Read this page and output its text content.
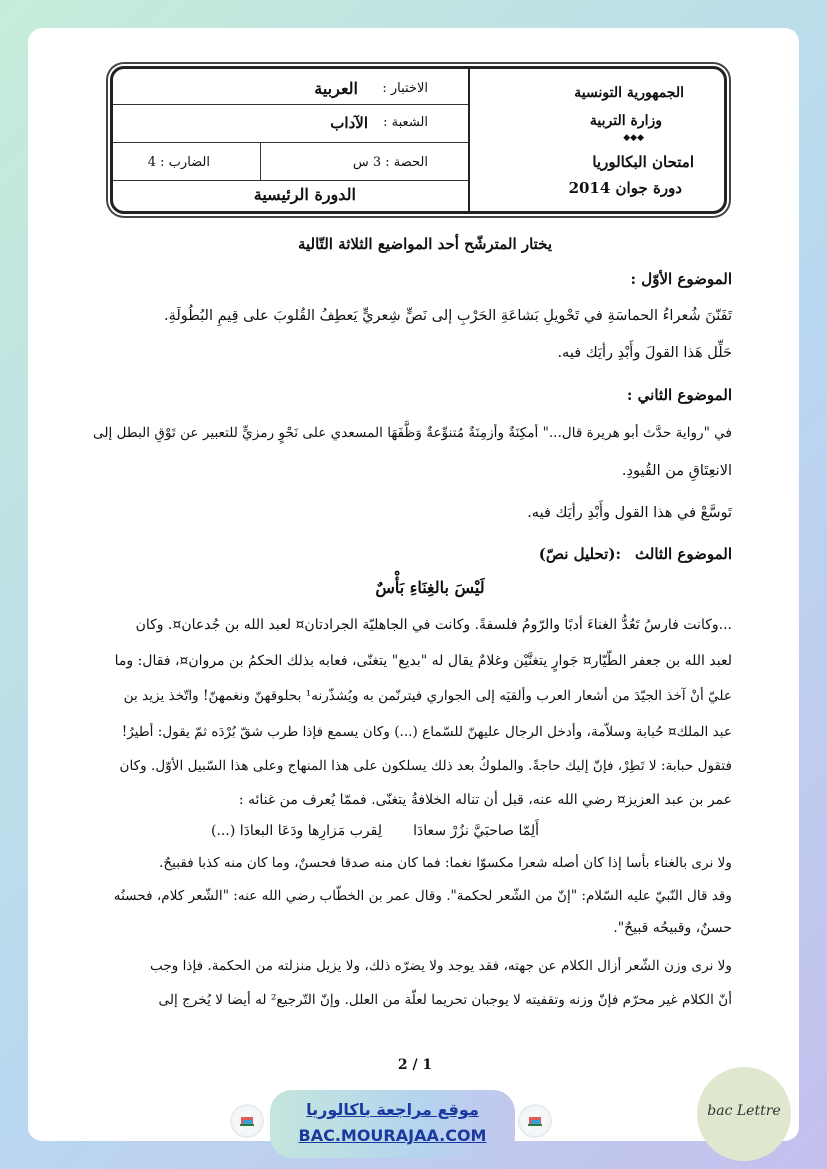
الجمهورية التونسية
وزارة التربية
◆◆◆
امتحان البكالوريا
دورة جوان 2014
الاختبار :
العربية
الشعبة :
الآداب
الحصة : 3 س
الضارب : 4
الدورة الرئيسية
يختار المترشّح أحد المواضيع الثلاثة التّالية
الموضوع الأوّل :
تَفَنّنَ شُعراءُ الحماسَةِ في تَحْويلِ بَشاعَةِ الحَرْبِ إلى نَصٍّ شِعريٍّ يَعطِفُ القُلوبَ على قِيمِ البُطُولَةِ.
حَلِّل هَذا القولَ وأَبْدِ رأيَك فيه.
الموضوع الثاني :
في "رواية حدَّث أبو هريرة قال..." أمكِنَةٌ وأزمِنَةٌ مُتنوِّعةٌ وَظَّفَهَا المسعدي على نَحْوٍ رمزيٍّ للتعبير عن تَوْقِ البطل إلى
الانعِتَاقِ من القُيودِ.
تَوسَّعْ في هذا القول وأَبْدِ رأيَك فيه.
الموضوع الثالث
:(تحليل نصّ)
لَيْسَ بالغِنَاءِ بَأْسٌ
...وكانت فارسُ تَعُدُّ الغناءَ أدبًا والرّومُ فلسفةً. وكانت في الجاهليّة الجرادتان¤ لعبد الله بن جُدعان¤. وكان
لعبد الله بن جعفر الطّيّار¤ جَوارٍ يتغنَّيْن وغلامٌ يقال له "بديع" يتغنّى، فعابه بذلك الحكمُ بن مروان¤، فقال: وما
عليّ أنْ آخذ الجيّدَ من أشعار العرب وألقيَه إلى الجواري فيترنّمن به ويُشذّرنه¹ بحلوقهنّ ونغمهنّ! واتّخذ يزيد بن
عبد الملك¤ حُبابة وسلاّمة، وأدخل الرجال عليهنّ للسّماع (...) وكان يسمع فإذا طرب شقّ بُرْدَه ثمّ يقول: أطيرُ!
فتقول حبابة: لا تَطِرْ، فإنّ إليك حاجةً. والملوكُ بعد ذلك يسلكون على هذا المنهاج وعلى هذا السّبيل الأوّل. وكان
عمر بن عبد العزيز¤ رضي الله عنه، قبل أن تناله الخلافةُ يتغنّى. فممّا يُعرف من غنائه :
أَلِمّا صاحبَيَّ نزُرْ سعادَا
لِقرب مَزارِها ودَعَا البعادَا (...)
ولا نرى بالغناء بأسا إذا كان أصله شعرا مكسوّا نغما: فما كان منه صدقا فحسنٌ، وما كان منه كذبا فقبيحٌ.
وقد قال النّبيّ عليه السّلام: "إنّ من الشّعر لحكمة". وقال عمر بن الخطّاب رضي الله عنه: "الشّعر كلام، فحسنُه
حسنٌ، وقبيحُه قبيحٌ".
ولا نرى وزن الشّعر أزال الكلام عن جهته، فقد يوجد ولا يضرّه ذلك، ولا يزيل منزلته من الحكمة. فإذا وجب
أنّ الكلام غير محرّم فإنّ وزنه وتقفيته لا يوجبان تحريما لعلّة من العلل. وإنّ التّرجيع² له أيضا لا يُخرج إلى
2 / 1
موقع مراجعة باكالوريا
BAC.MOURAJAA.COM
bac Lettre
